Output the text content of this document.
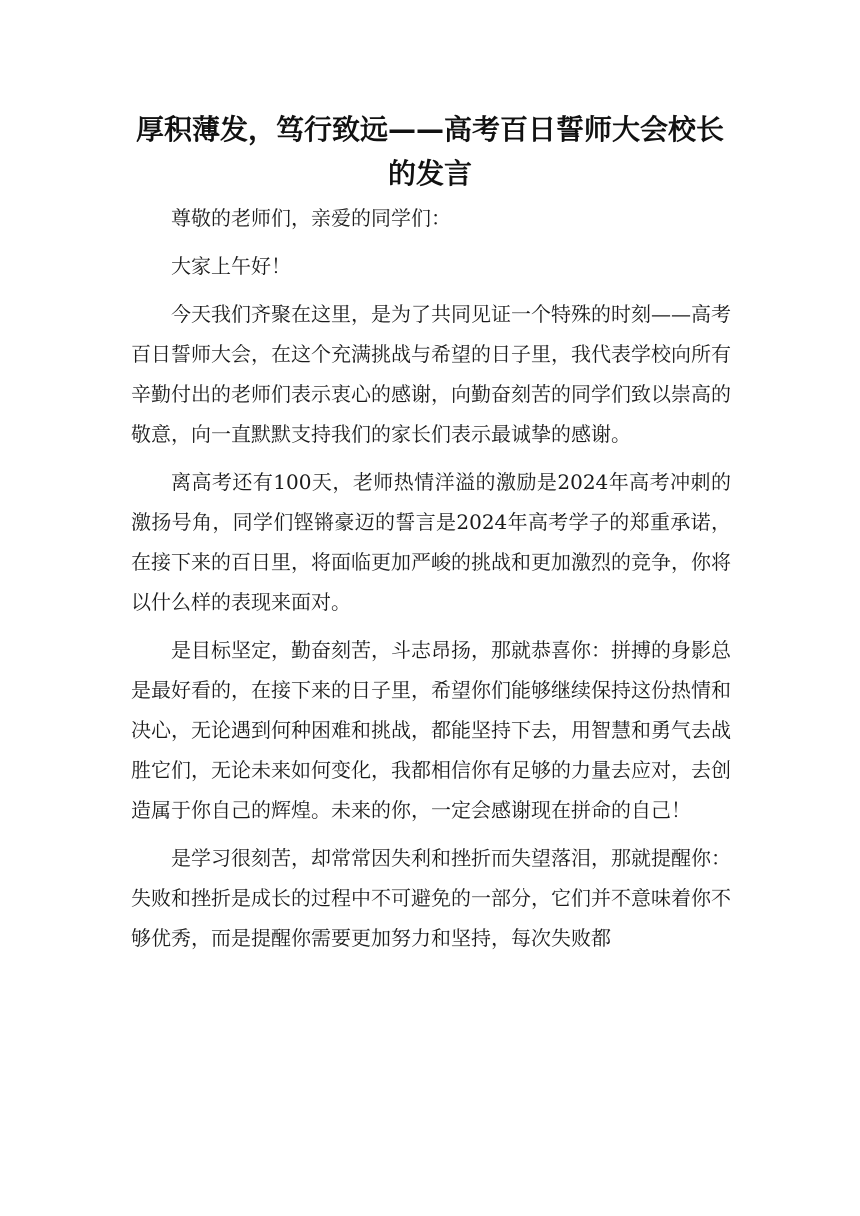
厚积薄发，笃行致远——高考百日誓师大会校长的发言

尊敬的老师们，亲爱的同学们：

大家上午好！

今天我们齐聚在这里，是为了共同见证一个特殊的时刻——高考百日誓师大会，在这个充满挑战与希望的日子里，我代表学校向所有辛勤付出的老师们表示衷心的感谢，向勤奋刻苦的同学们致以崇高的敬意，向一直默默支持我们的家长们表示最诚挚的感谢。

离高考还有100天，老师热情洋溢的激励是2024年高考冲刺的激扬号角，同学们铿锵豪迈的誓言是2024年高考学子的郑重承诺，在接下来的百日里，将面临更加严峻的挑战和更加激烈的竞争，你将以什么样的表现来面对。

是目标坚定，勤奋刻苦，斗志昂扬，那就恭喜你：拼搏的身影总是最好看的，在接下来的日子里，希望你们能够继续保持这份热情和决心，无论遇到何种困难和挑战，都能坚持下去，用智慧和勇气去战胜它们，无论未来如何变化，我都相信你有足够的力量去应对，去创造属于你自己的辉煌。未来的你，一定会感谢现在拼命的自己！

是学习很刻苦，却常常因失利和挫折而失望落泪，那就提醒你：失败和挫折是成长的过程中不可避免的一部分，它们并不意味着你不够优秀，而是提醒你需要更加努力和坚持，每次失败都
